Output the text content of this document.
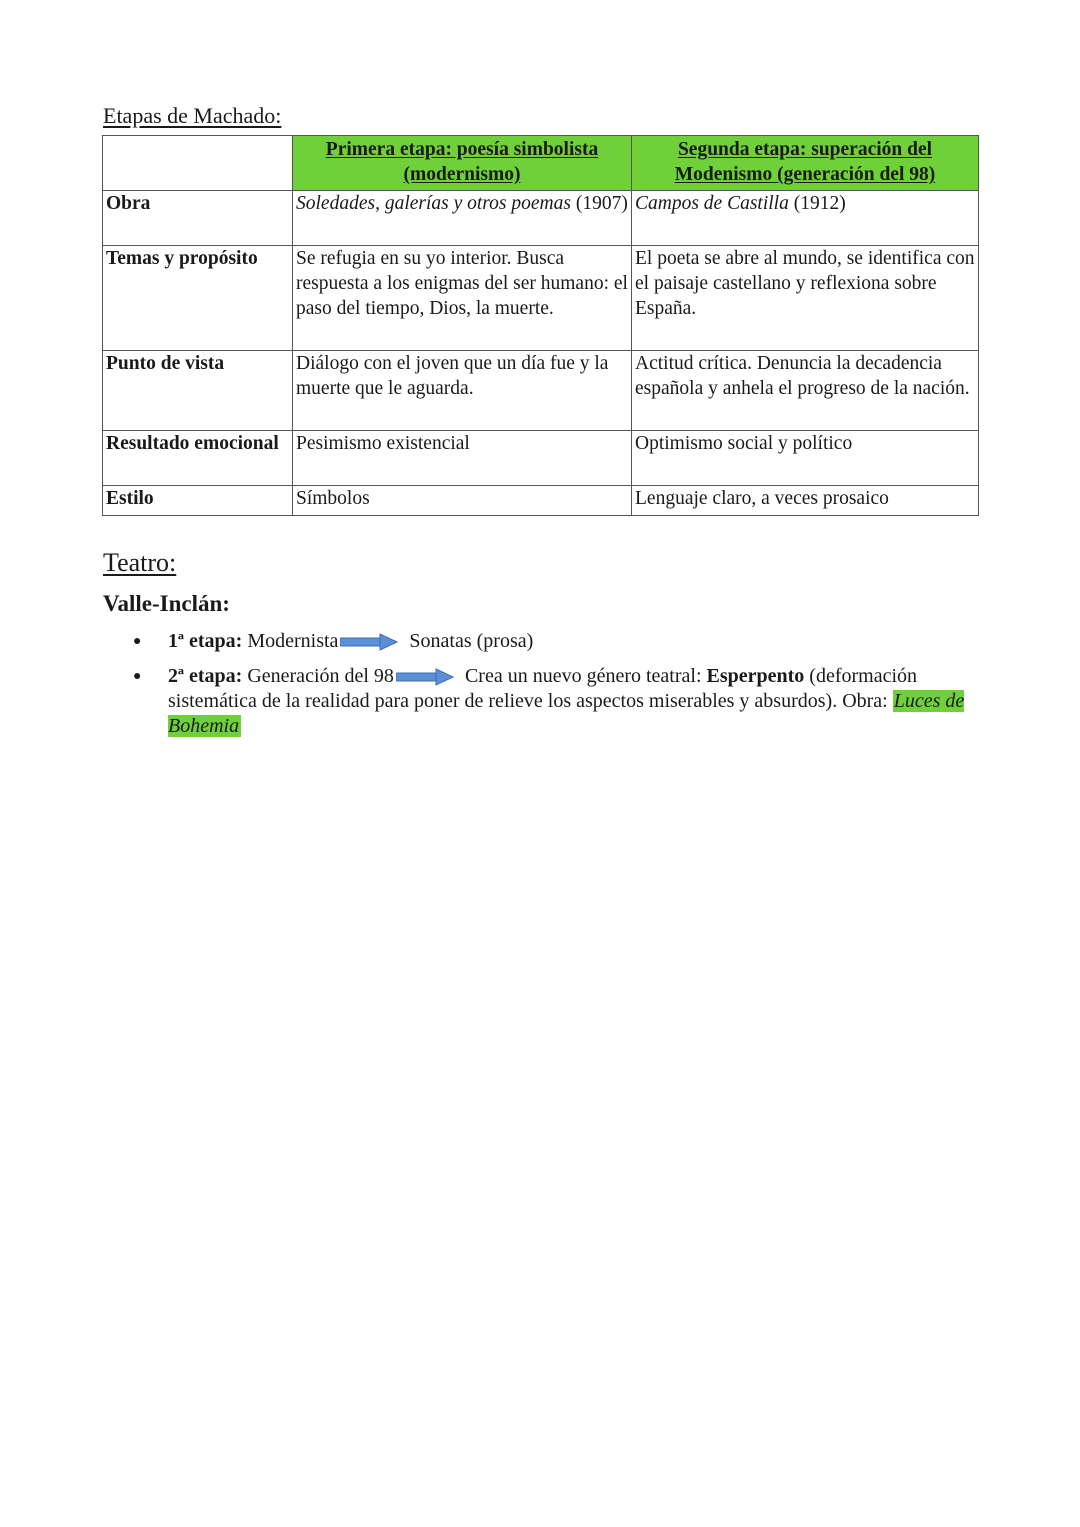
Etapas de Machado:
	Primera etapa: poesía simbolista (modernismo)	Segunda etapa: superación del Modenismo (generación del 98)
Obra	Soledades, galerías y otros poemas (1907)	Campos de Castilla (1912)
Temas y propósito	Se refugia en su yo interior. Busca respuesta a los enigmas del ser humano: el paso del tiempo, Dios, la muerte.	El poeta se abre al mundo, se identifica con el paisaje castellano y reflexiona sobre España.
Punto de vista	Diálogo con el joven que un día fue y la muerte que le aguarda.	Actitud crítica. Denuncia la decadencia española y anhela el progreso de la nación.
Resultado emocional	Pesimismo existencial	Optimismo social y político
Estilo	Símbolos	Lenguaje claro, a veces prosaico
Teatro:
Valle-Inclán:
● 1ª etapa: Modernista	Sonatas (prosa)
● 2ª etapa: Generación del 98	Crea un nuevo género teatral: Esperpento (deformación sistemática de la realidad para poner de relieve los aspectos miserables y absurdos). Obra: Luces de Bohemia
